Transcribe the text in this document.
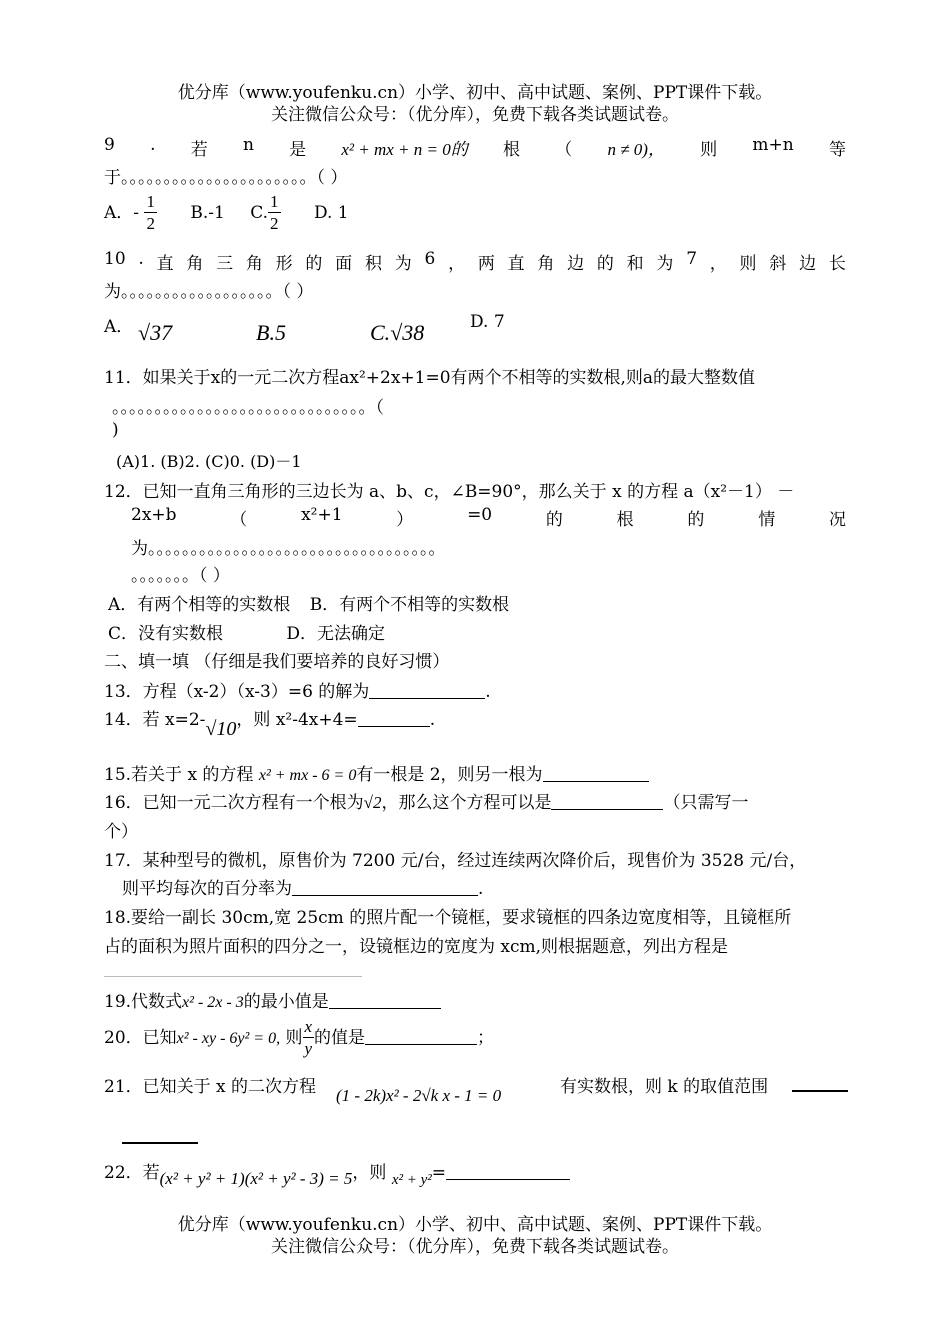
优分库（www.youfenku.cn）小学、初中、高中试题、案例、PPT课件下载。
关注微信公众号：（优分库），免费下载各类试题试卷。
9 . 若 n 是 x² + mx + n = 0的 根 （ n ≠ 0)， 则 m+n 等
于。。。。。。。。。。。。。。。。。。。。。。（ ）
A．- $\frac{1}{2} B.-1$ C. $\frac{1}{2} D$. 1
10 . 直 角 三 角 形 的 面 积 为 6 ， 两 直 角 边 的 和 为 7 ， 则 斜 边 长
为。。。。。。。。。。。。。。。。。。（ ）
A． √37	B.5	C.√38	D. 7
11．如果关于x的一元二次方程ax²+2x+1=0有两个不相等的实数根,则a的最大整数值
。。。。。。。。。。。。。。。。。。。。。。。。。。。。。。（
)
(A)1. (B)2. (C)0. (D)－1
12．已知一直角三角形的三边长为 a、b、c，∠B=90°，那么关于 x 的方程 a（x²－1） －
2x+b	（	x²+1	）	=0	的	根	的	情	况
为。。。。。。。。。。。。。。。。。。。。。。。。。。。。。。。。。。
。。。。。。。（ ）
A．有两个相等的实数根 B．有两个不相等的实数根
C．没有实数根	D．无法确定
二、填一填 （仔细是我们要培养的良好习惯）
13．方程（x-2）（x-3）=6 的解为	.
14．若 x=2-√10，则 x²-4x+4=	.
15.若关于 x 的方程 x² + mx - 6 = 0有一根是 2，则另一根为
16．已知一元二次方程有一个根为√2，那么这个方程可以是	（只需写一
个）
17．某种型号的微机，原售价为 7200 元/台，经过连续两次降价后，现售价为 3528 元/台，
则平均每次的百分率为	.
18.要给一副长 30cm,宽 25cm 的照片配一个镜框，要求镜框的四条边宽度相等，且镜框所
占的面积为照片面积的四分之一，设镜框边的宽度为 xcm,则根据题意，列出方程是
19.代数式x² - 2x - 3的最小值是
20．已知x² - xy - 6y² = 0, 则 $\frac{x}{y}$ 的值是	；
21．已知关于 x 的二次方程 (1 - 2k)x² - 2√k x - 1 = 0	有实数根，则 k 的取值范围
22．若(x² + y² + 1)(x² + y² - 3) = 5，则 x² + y²=
优分库（www.youfenku.cn）小学、初中、高中试题、案例、PPT课件下载。
关注微信公众号：（优分库），免费下载各类试题试卷。
